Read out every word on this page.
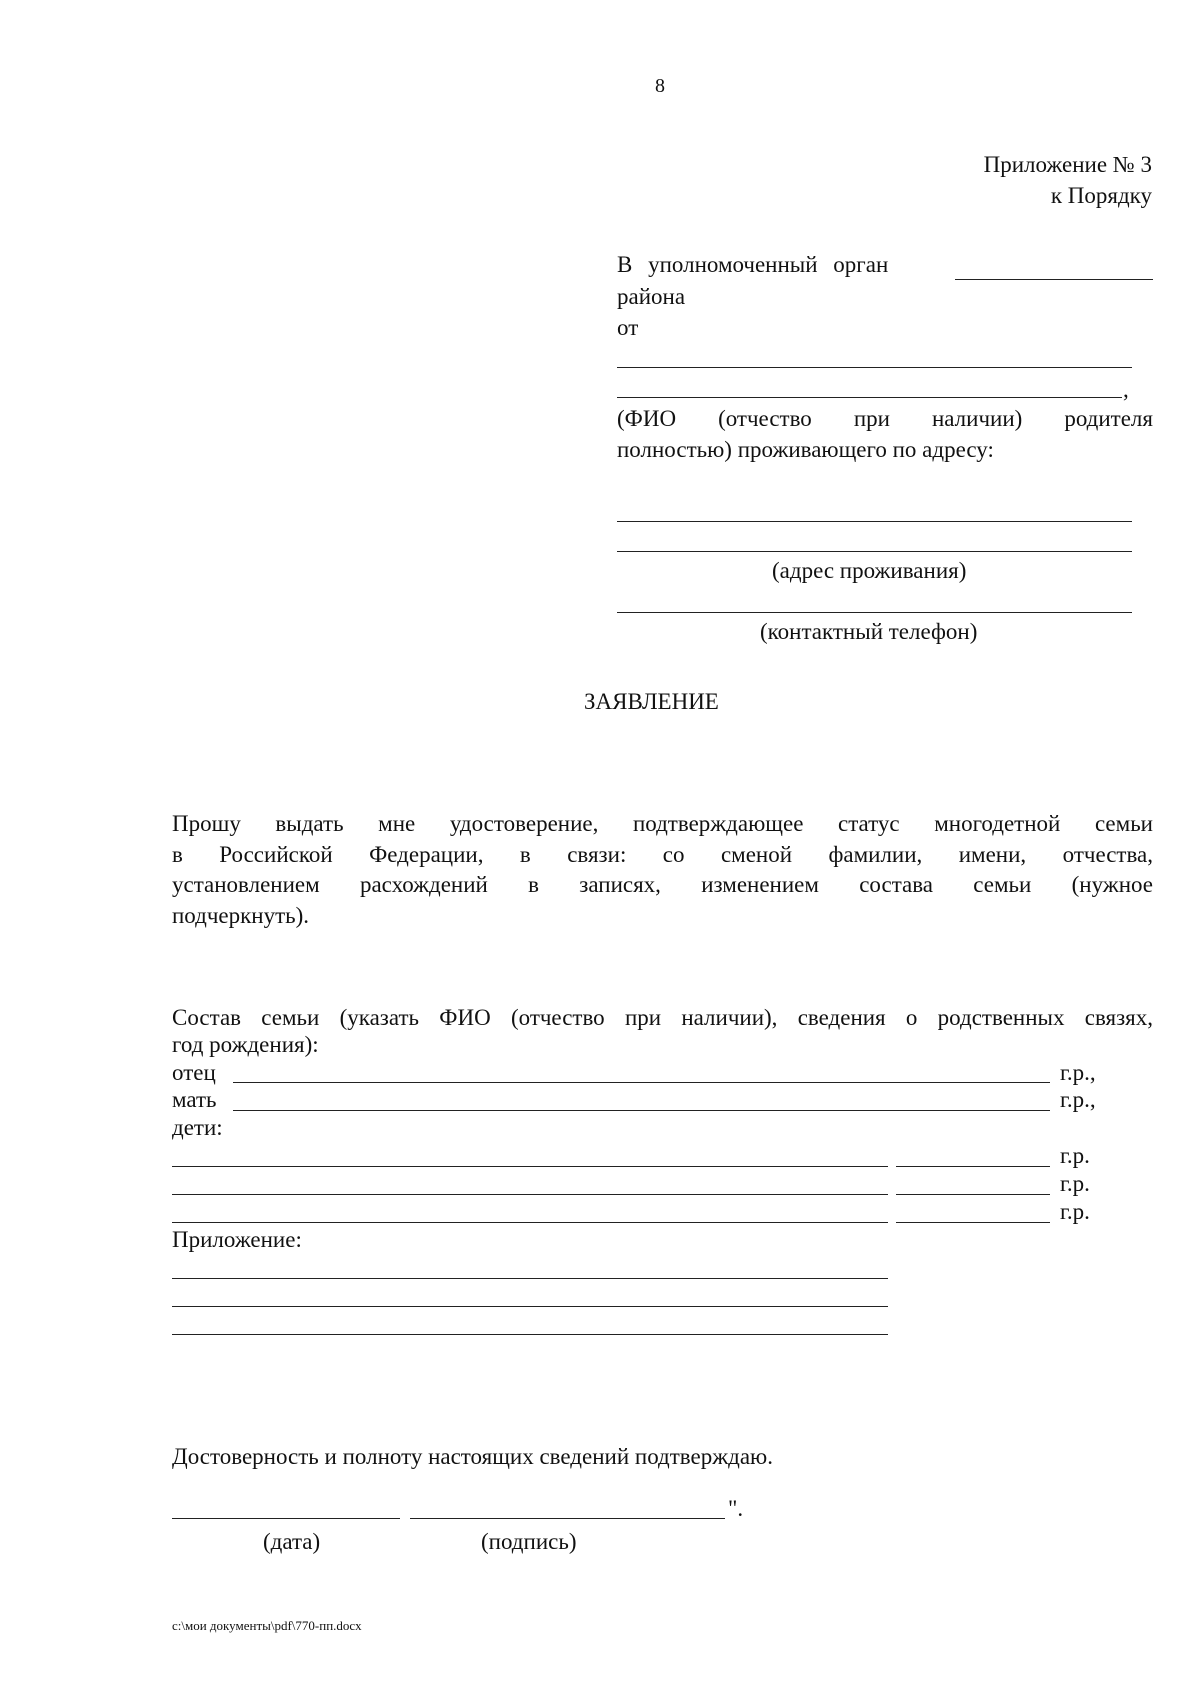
8
Приложение № 3
к Порядку
В уполномоченный орган
района
от
,
(ФИО (отчество при наличии) родителя
полностью) проживающего по адресу:
(адрес проживания)
(контактный телефон)
ЗАЯВЛЕНИЕ
Прошу выдать мне удостоверение, подтверждающее статус многодетной семьи
в Российской Федерации, в связи: со сменой фамилии, имени, отчества,
установлением расхождений в записях, изменением состава семьи (нужное
подчеркнуть).
Состав семьи (указать ФИО (отчество при наличии), сведения о родственных связях,
год рождения):
отец	г.р.,
мать	г.р.,
дети:
г.р.
г.р.
г.р.
Приложение:
Достоверность и полноту настоящих сведений подтверждаю.
".
(дата)	(подпись)
c:\мои документы\pdf\770-пп.docx
